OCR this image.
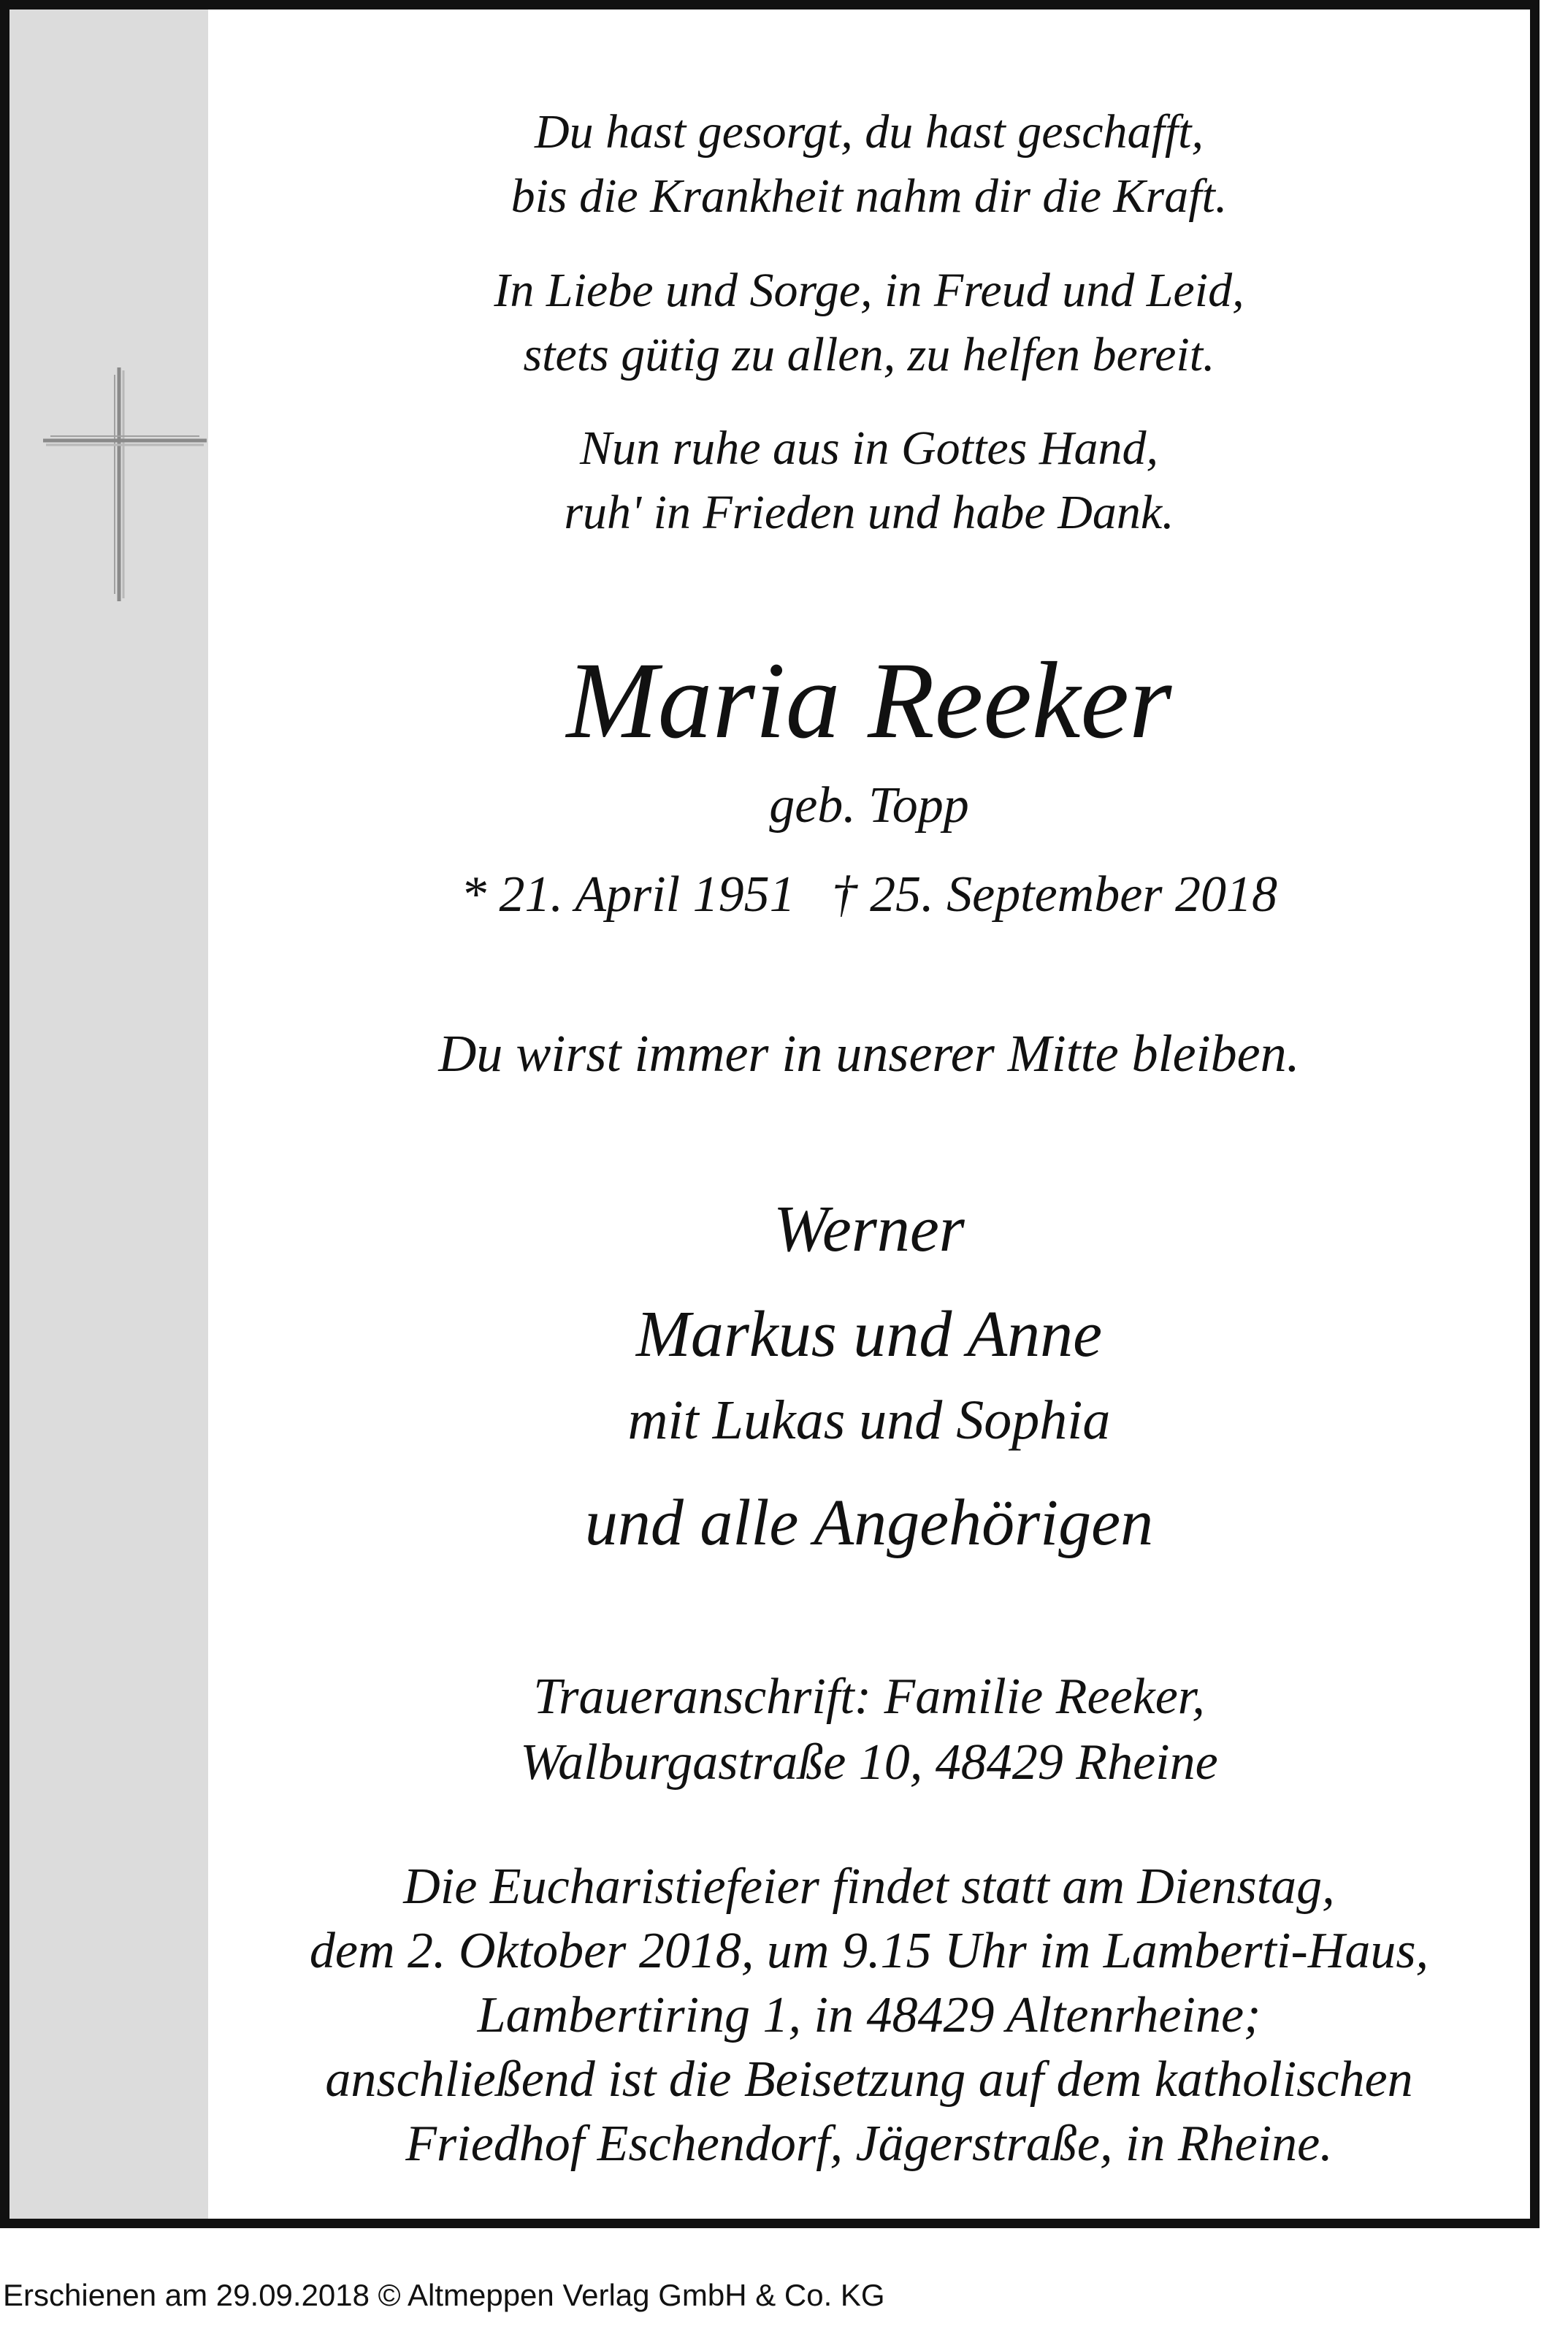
Du hast gesorgt, du hast geschafft,
bis die Krankheit nahm dir die Kraft.
In Liebe und Sorge, in Freud und Leid,
stets gütig zu allen, zu helfen bereit.
Nun ruhe aus in Gottes Hand,
ruh' in Frieden und habe Dank.
Maria Reeker
geb. Topp
* 21. April 1951 † 25. September 2018
Du wirst immer in unserer Mitte bleiben.
Werner
Markus und Anne
mit Lukas und Sophia
und alle Angehörigen
Traueranschrift: Familie Reeker,
Walburgastraße 10, 48429 Rheine
Die Eucharistiefeier findet statt am Dienstag,
dem 2. Oktober 2018, um 9.15 Uhr im Lamberti-Haus,
Lambertiring 1, in 48429 Altenrheine;
anschließend ist die Beisetzung auf dem katholischen
Friedhof Eschendorf, Jägerstraße, in Rheine.
Erschienen am 29.09.2018 © Altmeppen Verlag GmbH & Co. KG
